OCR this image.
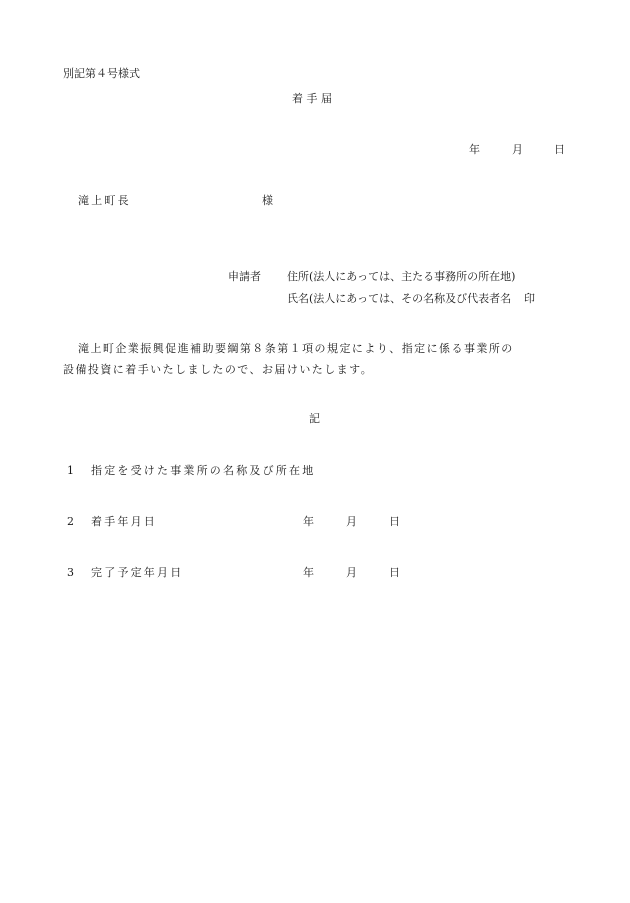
別記第４号様式
着 手 届
年	月	日
滝上町長	様
申請者 住所(法人にあっては、主たる事務所の所在地)
氏名(法人にあっては、その名称及び代表者名 印
滝上町企業振興促進補助要綱第８条第１項の規定により、指定に係る事業所の
設備投資に着手いたしましたので、お届けいたします。
記
1 指定を受けた事業所の名称及び所在地
2 着手年月日	年	月	日
3 完了予定年月日	年	月	日
